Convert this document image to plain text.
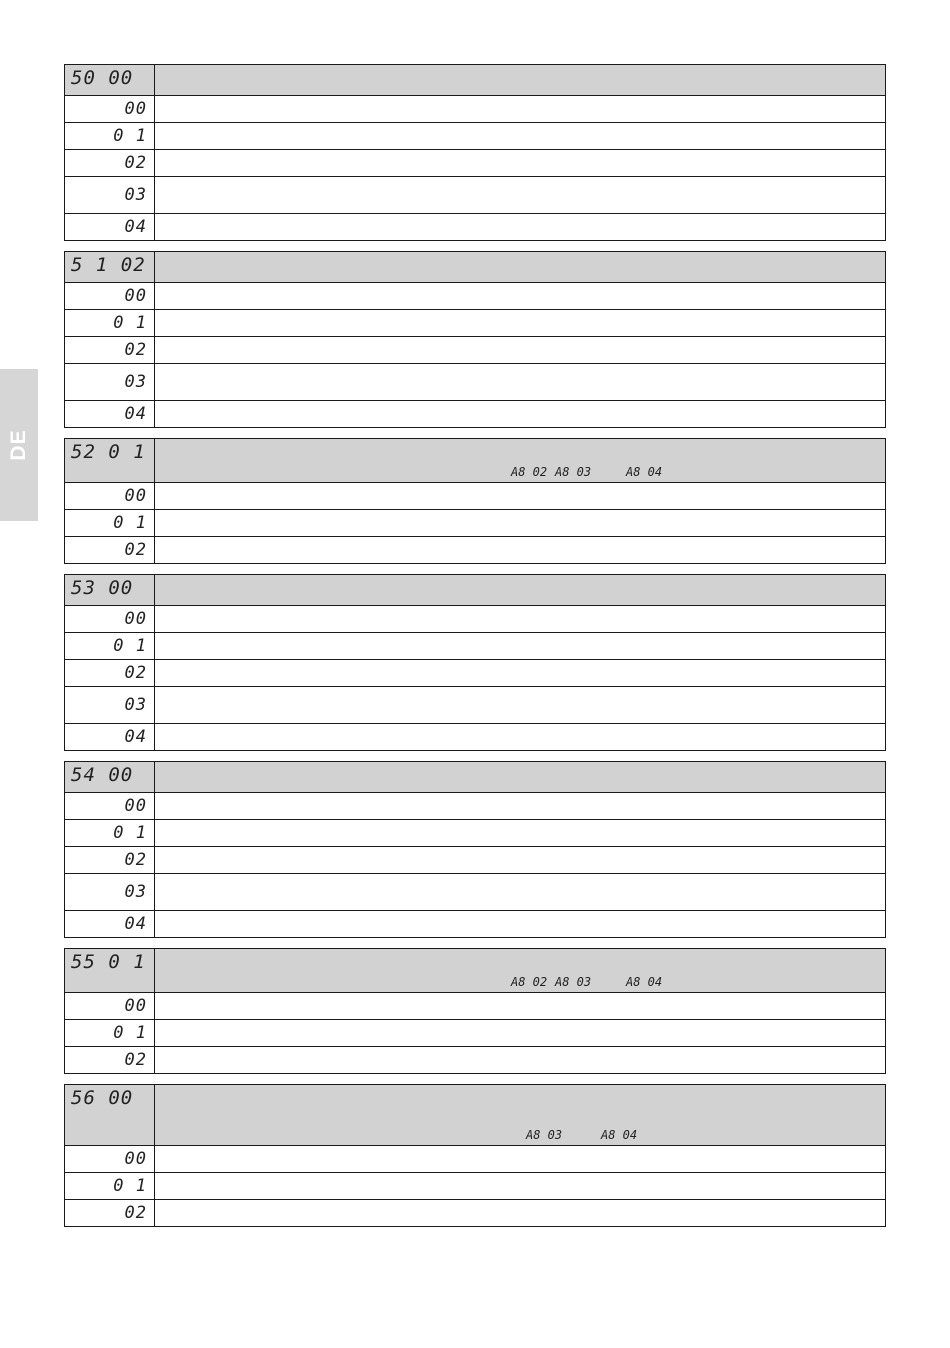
DE
50 00	
00	
0 1	
02	
03	
04	
5 1 02	
00	
0 1	
02	
03	
04	
52 0 1	A8 02 A8 03 A8 04

00	
0 1	
02	
53 00	
00	
0 1	
02	
03	
04	
54 00	
00	
0 1	
02	
03	
04	
55 0 1	A8 02 A8 03 A8 04

00	
0 1	
02	
56 00	A8 03 A8 04

00	
0 1	
02	
